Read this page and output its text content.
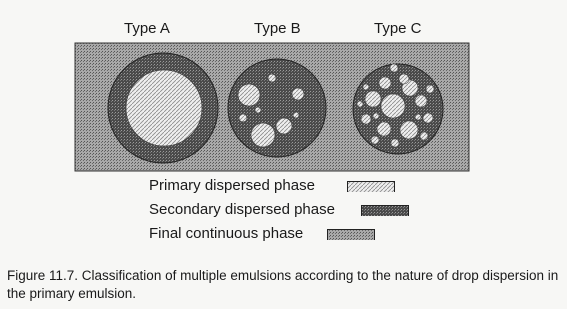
Type A	Type B	Type C
Primary dispersed phase
Secondary dispersed phase
Final continuous phase
Figure 11.7. Classification of multiple emulsions according to the nature of drop dispersion in the primary emulsion.
